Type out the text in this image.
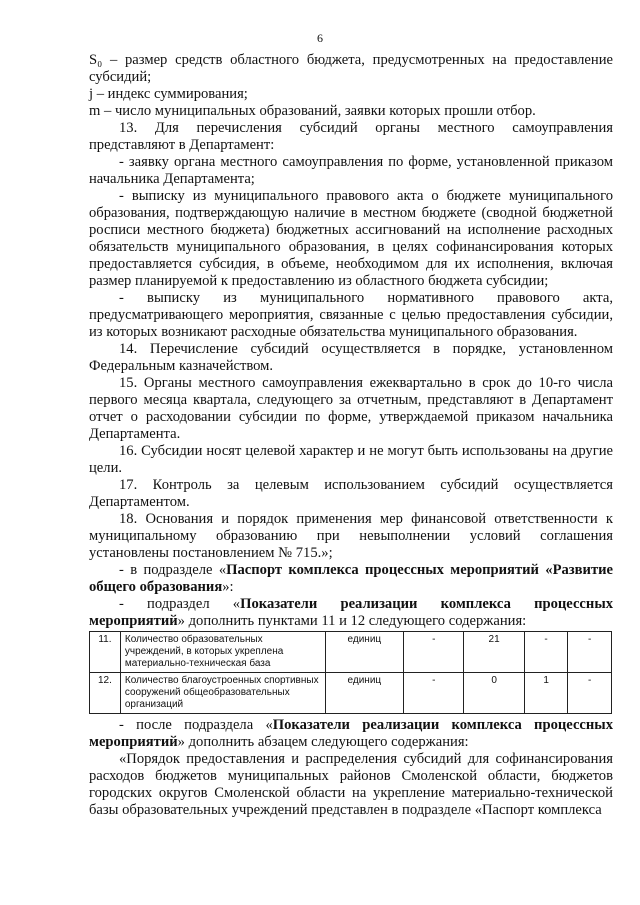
6

S₀ – размер средств областного бюджета, предусмотренных на предоставление субсидий;

j – индекс суммирования;

m – число муниципальных образований, заявки которых прошли отбор.

13. Для перечисления субсидий органы местного самоуправления представляют в Департамент:

- заявку органа местного самоуправления по форме, установленной приказом начальника Департамента;

- выписку из муниципального правового акта о бюджете муниципального образования, подтверждающую наличие в местном бюджете (сводной бюджетной росписи местного бюджета) бюджетных ассигнований на исполнение расходных обязательств муниципального образования, в целях софинансирования которых предоставляется субсидия, в объеме, необходимом для их исполнения, включая размер планируемой к предоставлению из областного бюджета субсидии;

- выписку из муниципального нормативного правового акта, предусматривающего мероприятия, связанные с целью предоставления субсидии, из которых возникают расходные обязательства муниципального образования.

14. Перечисление субсидий осуществляется в порядке, установленном Федеральным казначейством.

15. Органы местного самоуправления ежеквартально в срок до 10-го числа первого месяца квартала, следующего за отчетным, представляют в Департамент отчет о расходовании субсидии по форме, утверждаемой приказом начальника Департамента.

16. Субсидии носят целевой характер и не могут быть использованы на другие цели.

17. Контроль за целевым использованием субсидий осуществляется Департаментом.

18. Основания и порядок применения мер финансовой ответственности к муниципальному образованию при невыполнении условий соглашения установлены постановлением № 715.»;

- в подразделе «Паспорт комплекса процессных мероприятий «Развитие общего образования»:

- подраздел «Показатели реализации комплекса процессных мероприятий» дополнить пунктами 11 и 12 следующего содержания:

11.	Количество образовательных учреждений, в которых укреплена материально-техническая база	единиц	-	21	-	-
12.	Количество благоустроенных спортивных сооружений общеобразовательных организаций	единиц	-	0	1	-

- после подраздела «Показатели реализации комплекса процессных мероприятий» дополнить абзацем следующего содержания:

«Порядок предоставления и распределения субсидий для софинансирования расходов бюджетов муниципальных районов Смоленской области, бюджетов городских округов Смоленской области на укрепление материально-технической базы образовательных учреждений представлен в подразделе «Паспорт комплекса
